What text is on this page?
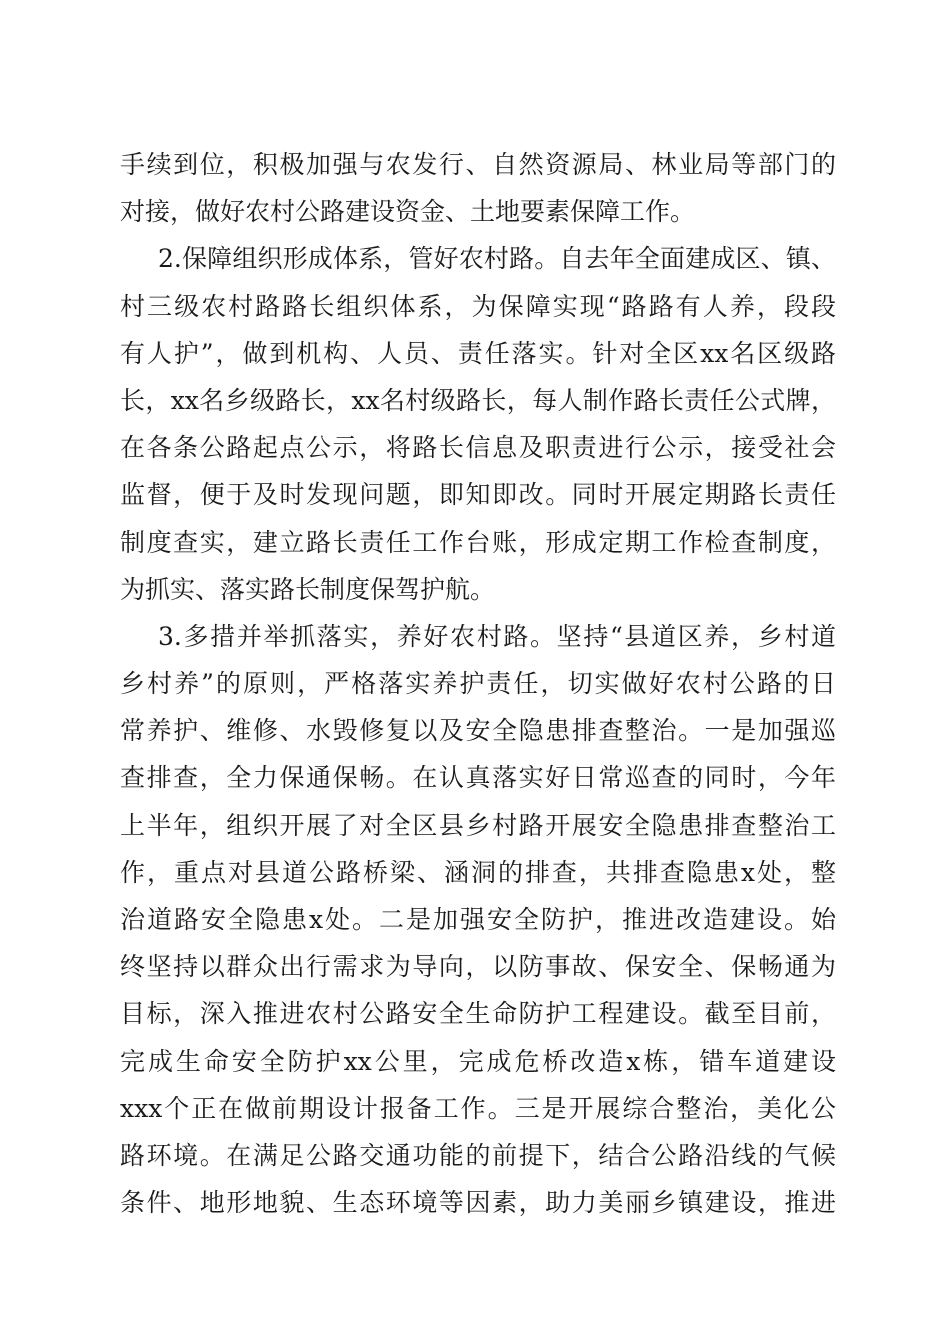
手续到位，积极加强与农发行、自然资源局、林业局等部门的
对接，做好农村公路建设资金、土地要素保障工作。
2.保障组织形成体系，管好农村路。自去年全面建成区、镇、
村三级农村路路长组织体系，为保障实现“路路有人养，段段
有人护”，做到机构、人员、责任落实。针对全区xx名区级路
长，xx名乡级路长，xx名村级路长，每人制作路长责任公式牌，
在各条公路起点公示，将路长信息及职责进行公示，接受社会
监督，便于及时发现问题，即知即改。同时开展定期路长责任
制度查实，建立路长责任工作台账，形成定期工作检查制度，
为抓实、落实路长制度保驾护航。
3.多措并举抓落实，养好农村路。坚持“县道区养，乡村道
乡村养”的原则，严格落实养护责任，切实做好农村公路的日
常养护、维修、水毁修复以及安全隐患排查整治。一是加强巡
查排查，全力保通保畅。在认真落实好日常巡查的同时，今年
上半年，组织开展了对全区县乡村路开展安全隐患排查整治工
作，重点对县道公路桥梁、涵洞的排查，共排查隐患x处，整
治道路安全隐患x处。二是加强安全防护，推进改造建设。始
终坚持以群众出行需求为导向，以防事故、保安全、保畅通为
目标，深入推进农村公路安全生命防护工程建设。截至目前，
完成生命安全防护xx公里，完成危桥改造x栋，错车道建设
xxx个正在做前期设计报备工作。三是开展综合整治，美化公
路环境。在满足公路交通功能的前提下，结合公路沿线的气候
条件、地形地貌、生态环境等因素，助力美丽乡镇建设，推进
